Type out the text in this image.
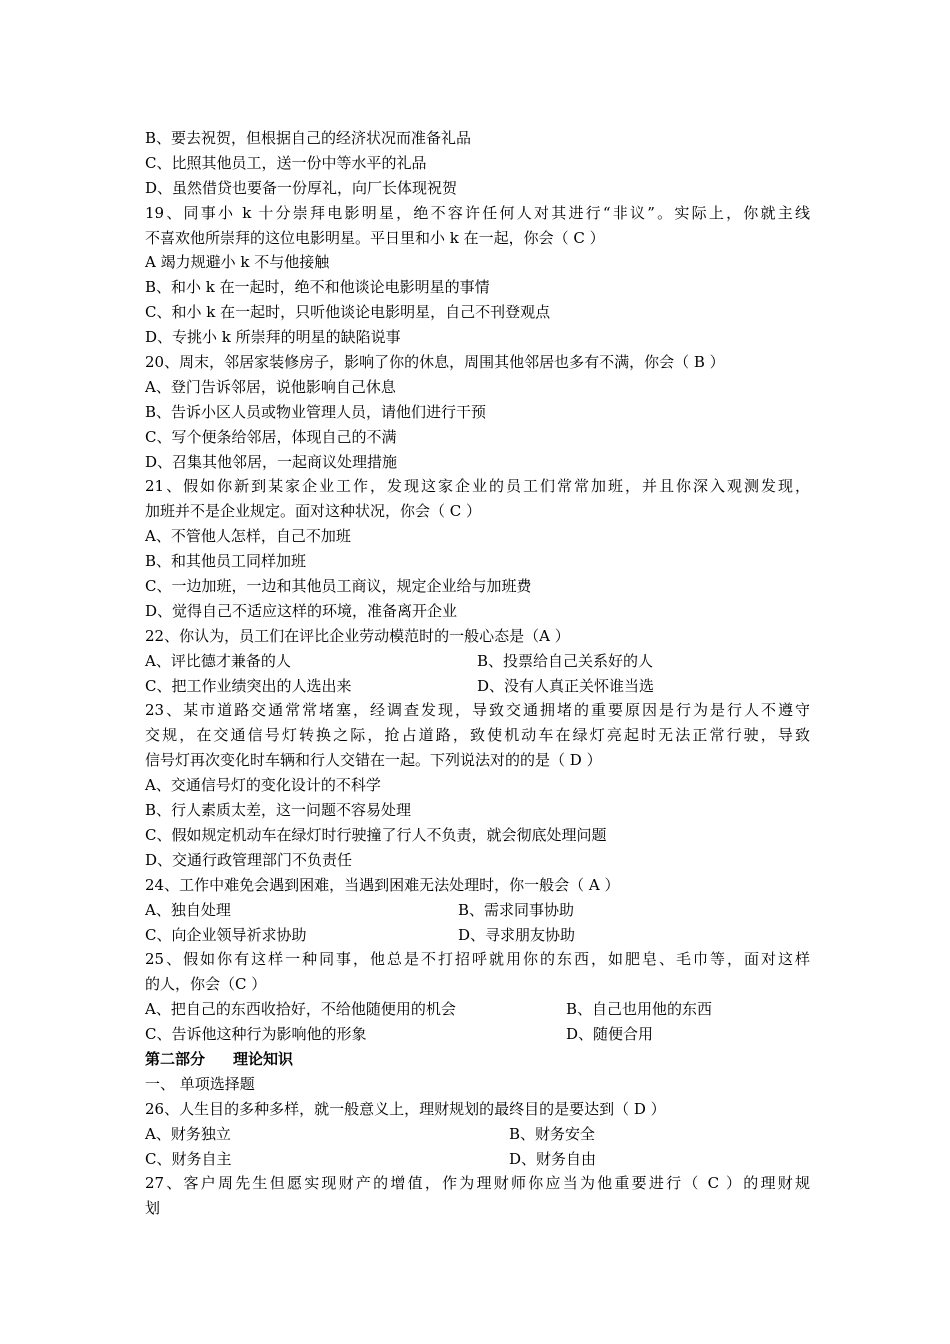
B、要去祝贺，但根据自己的经济状况而准备礼品
C、比照其他员工，送一份中等水平的礼品
D、虽然借贷也要备一份厚礼，向厂长体现祝贺
19、同事小 k 十分崇拜电影明星，绝不容许任何人对其进行“非议”。实际上，你就主线
不喜欢他所崇拜的这位电影明星。平日里和小 k 在一起，你会（ C ）
A 竭力规避小 k 不与他接触
B、和小 k 在一起时，绝不和他谈论电影明星的事情
C、和小 k 在一起时，只听他谈论电影明星，自己不刊登观点
D、专挑小 k 所崇拜的明星的缺陷说事
20、周末，邻居家装修房子，影响了你的休息，周围其他邻居也多有不满，你会（ B ）
A、登门告诉邻居，说他影响自己休息
B、告诉小区人员或物业管理人员，请他们进行干预
C、写个便条给邻居，体现自己的不满
D、召集其他邻居，一起商议处理措施
21、假如你新到某家企业工作，发现这家企业的员工们常常加班，并且你深入观测发现，
加班并不是企业规定。面对这种状况，你会（ C ）
A、不管他人怎样，自己不加班
B、和其他员工同样加班
C、一边加班，一边和其他员工商议，规定企业给与加班费
D、觉得自己不适应这样的环境，准备离开企业
22、你认为，员工们在评比企业劳动模范时的一般心态是（A ）
A、评比德才兼备的人	B、投票给自己关系好的人
C、把工作业绩突出的人选出来	D、没有人真正关怀谁当选
23、某市道路交通常常堵塞，经调查发现，导致交通拥堵的重要原因是行为是行人不遵守
交规，在交通信号灯转换之际，抢占道路，致使机动车在绿灯亮起时无法正常行驶，导致
信号灯再次变化时车辆和行人交错在一起。下列说法对的的是（ D ）
A、交通信号灯的变化设计的不科学
B、行人素质太差，这一问题不容易处理
C、假如规定机动车在绿灯时行驶撞了行人不负责，就会彻底处理问题
D、交通行政管理部门不负责任
24、工作中难免会遇到困难，当遇到困难无法处理时，你一般会（ A ）
A、独自处理	B、需求同事协助
C、向企业领导祈求协助	D、寻求朋友协助
25、假如你有这样一种同事，他总是不打招呼就用你的东西，如肥皂、毛巾等，面对这样
的人，你会（C ）
A、把自己的东西收拾好，不给他随便用的机会	B、自己也用他的东西
C、告诉他这种行为影响他的形象	D、随便合用
第二部分 理论知识
一、 单项选择题
26、人生目的多种多样，就一般意义上，理财规划的最终目的是要达到（ D ）
A、财务独立	B、财务安全
C、财务自主	D、财务自由
27、客户周先生但愿实现财产的增值，作为理财师你应当为他重要进行（ C ）的理财规
划
